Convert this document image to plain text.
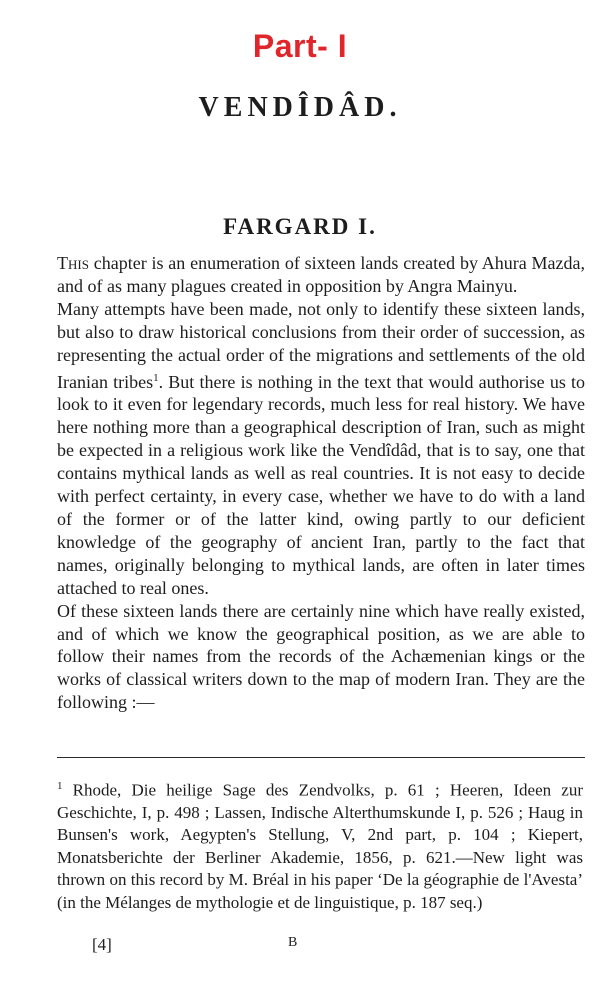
Part- I
VENDÎDÂD.
FARGARD I.

This chapter is an enumeration of sixteen lands created by Ahura Mazda, and of as many plagues created in opposition by Angra Mainyu.

Many attempts have been made, not only to identify these sixteen lands, but also to draw historical conclusions from their order of succession, as representing the actual order of the migrations and settlements of the old Iranian tribes$^1$. But there is nothing in the text that would authorise us to look to it even for legendary records, much less for real history. We have here nothing more than a geographical description of Iran, such as might be expected in a religious work like the Vendîdâd, that is to say, one that contains mythical lands as well as real countries. It is not easy to decide with perfect certainty, in every case, whether we have to do with a land of the former or of the latter kind, owing partly to our deficient knowledge of the geography of ancient Iran, partly to the fact that names, originally belonging to mythical lands, are often in later times attached to real ones.

Of these sixteen lands there are certainly nine which have really existed, and of which we know the geographical position, as we are able to follow their names from the records of the Achæmenian kings or the works of classical writers down to the map of modern Iran. They are the following :—

$^1$ Rhode, Die heilige Sage des Zendvolks, p. 61 ; Heeren, Ideen zur Geschichte, I, p. 498 ; Lassen, Indische Alterthumskunde I, p. 526 ; Haug in Bunsen's work, Aegypten's Stellung, V, 2nd part, p. 104 ; Kiepert, Monatsberichte der Berliner Akademie, 1856, p. 621.—New light was thrown on this record by M. Bréal in his paper ‘De la géographie de l'Avesta’ (in the Mélanges de mythologie et de linguistique, p. 187 seq.)

[4]	B
